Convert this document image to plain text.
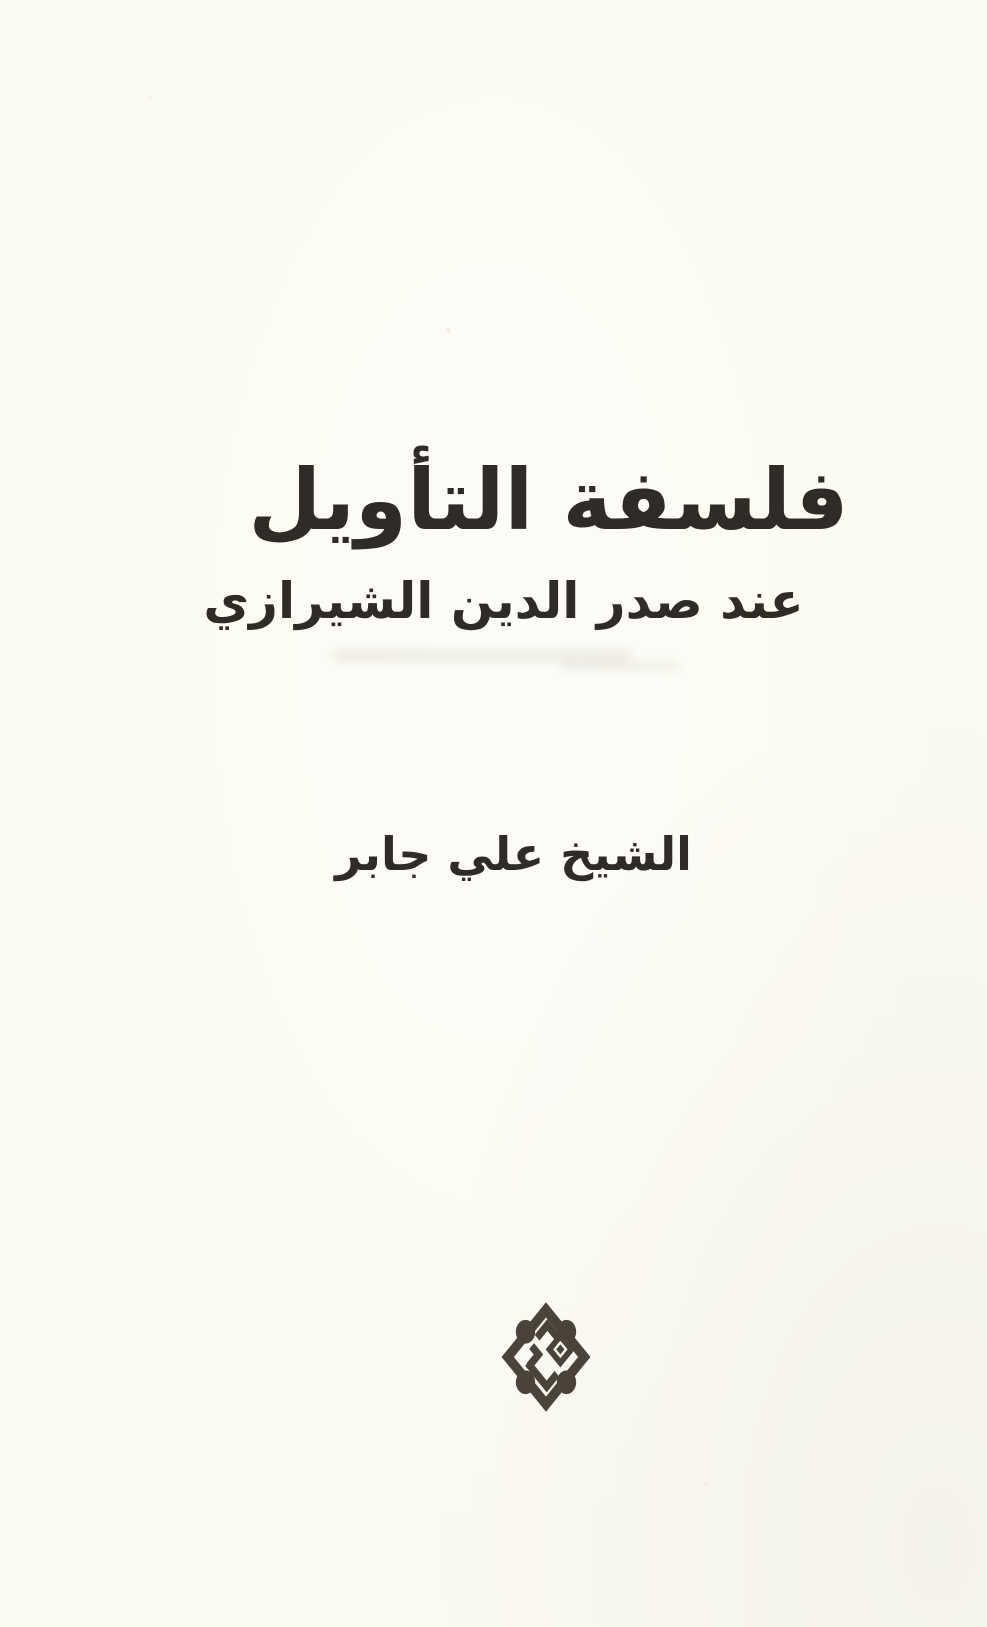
فلسفة التأويل
عند صدر الدين الشيرازي
الشيخ علي جابر
